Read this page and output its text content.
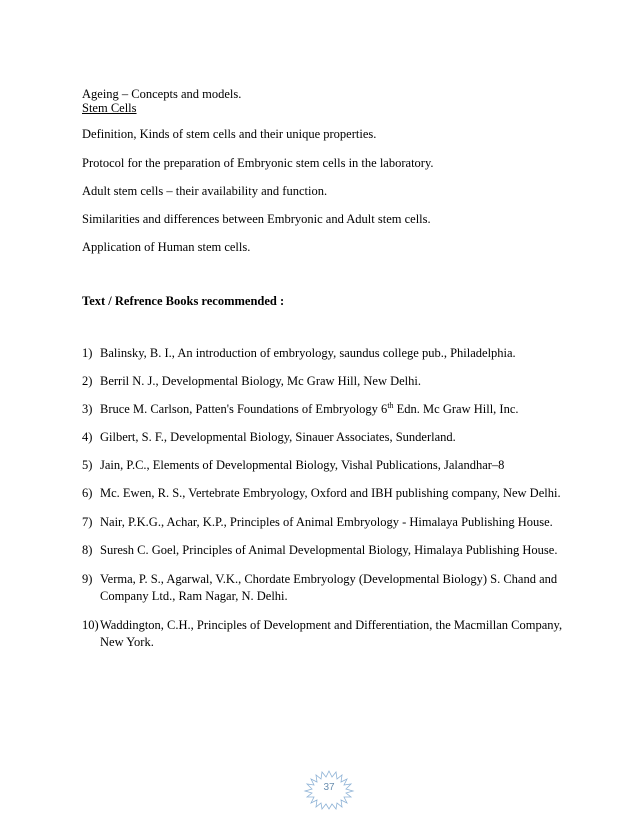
Ageing – Concepts and models.
Stem Cells
Definition, Kinds of stem cells and their unique properties.
Protocol for the preparation of Embryonic stem cells in the laboratory.
Adult stem cells – their availability and function.
Similarities and differences between Embryonic and Adult stem cells.
Application of Human stem cells.
Text / Refrence Books recommended :
1) Balinsky, B. I., An introduction of embryology, saundus college pub., Philadelphia.
2) Berril N. J., Developmental Biology, Mc Graw Hill, New Delhi.
3) Bruce M. Carlson, Patten's Foundations of Embryology 6th Edn. Mc Graw Hill, Inc.
4) Gilbert, S. F., Developmental Biology, Sinauer Associates, Sunderland.
5) Jain, P.C., Elements of Developmental Biology, Vishal Publications, Jalandhar–8
6) Mc. Ewen, R. S., Vertebrate Embryology, Oxford and IBH publishing company, New Delhi.
7) Nair, P.K.G., Achar, K.P., Principles of Animal Embryology - Himalaya Publishing House.
8) Suresh C. Goel, Principles of Animal Developmental Biology, Himalaya Publishing House.
9) Verma, P. S., Agarwal, V.K., Chordate Embryology (Developmental Biology) S. Chand and Company Ltd., Ram Nagar, N. Delhi.
10) Waddington, C.H., Principles of Development and Differentiation, the Macmillan Company, New York.
37
